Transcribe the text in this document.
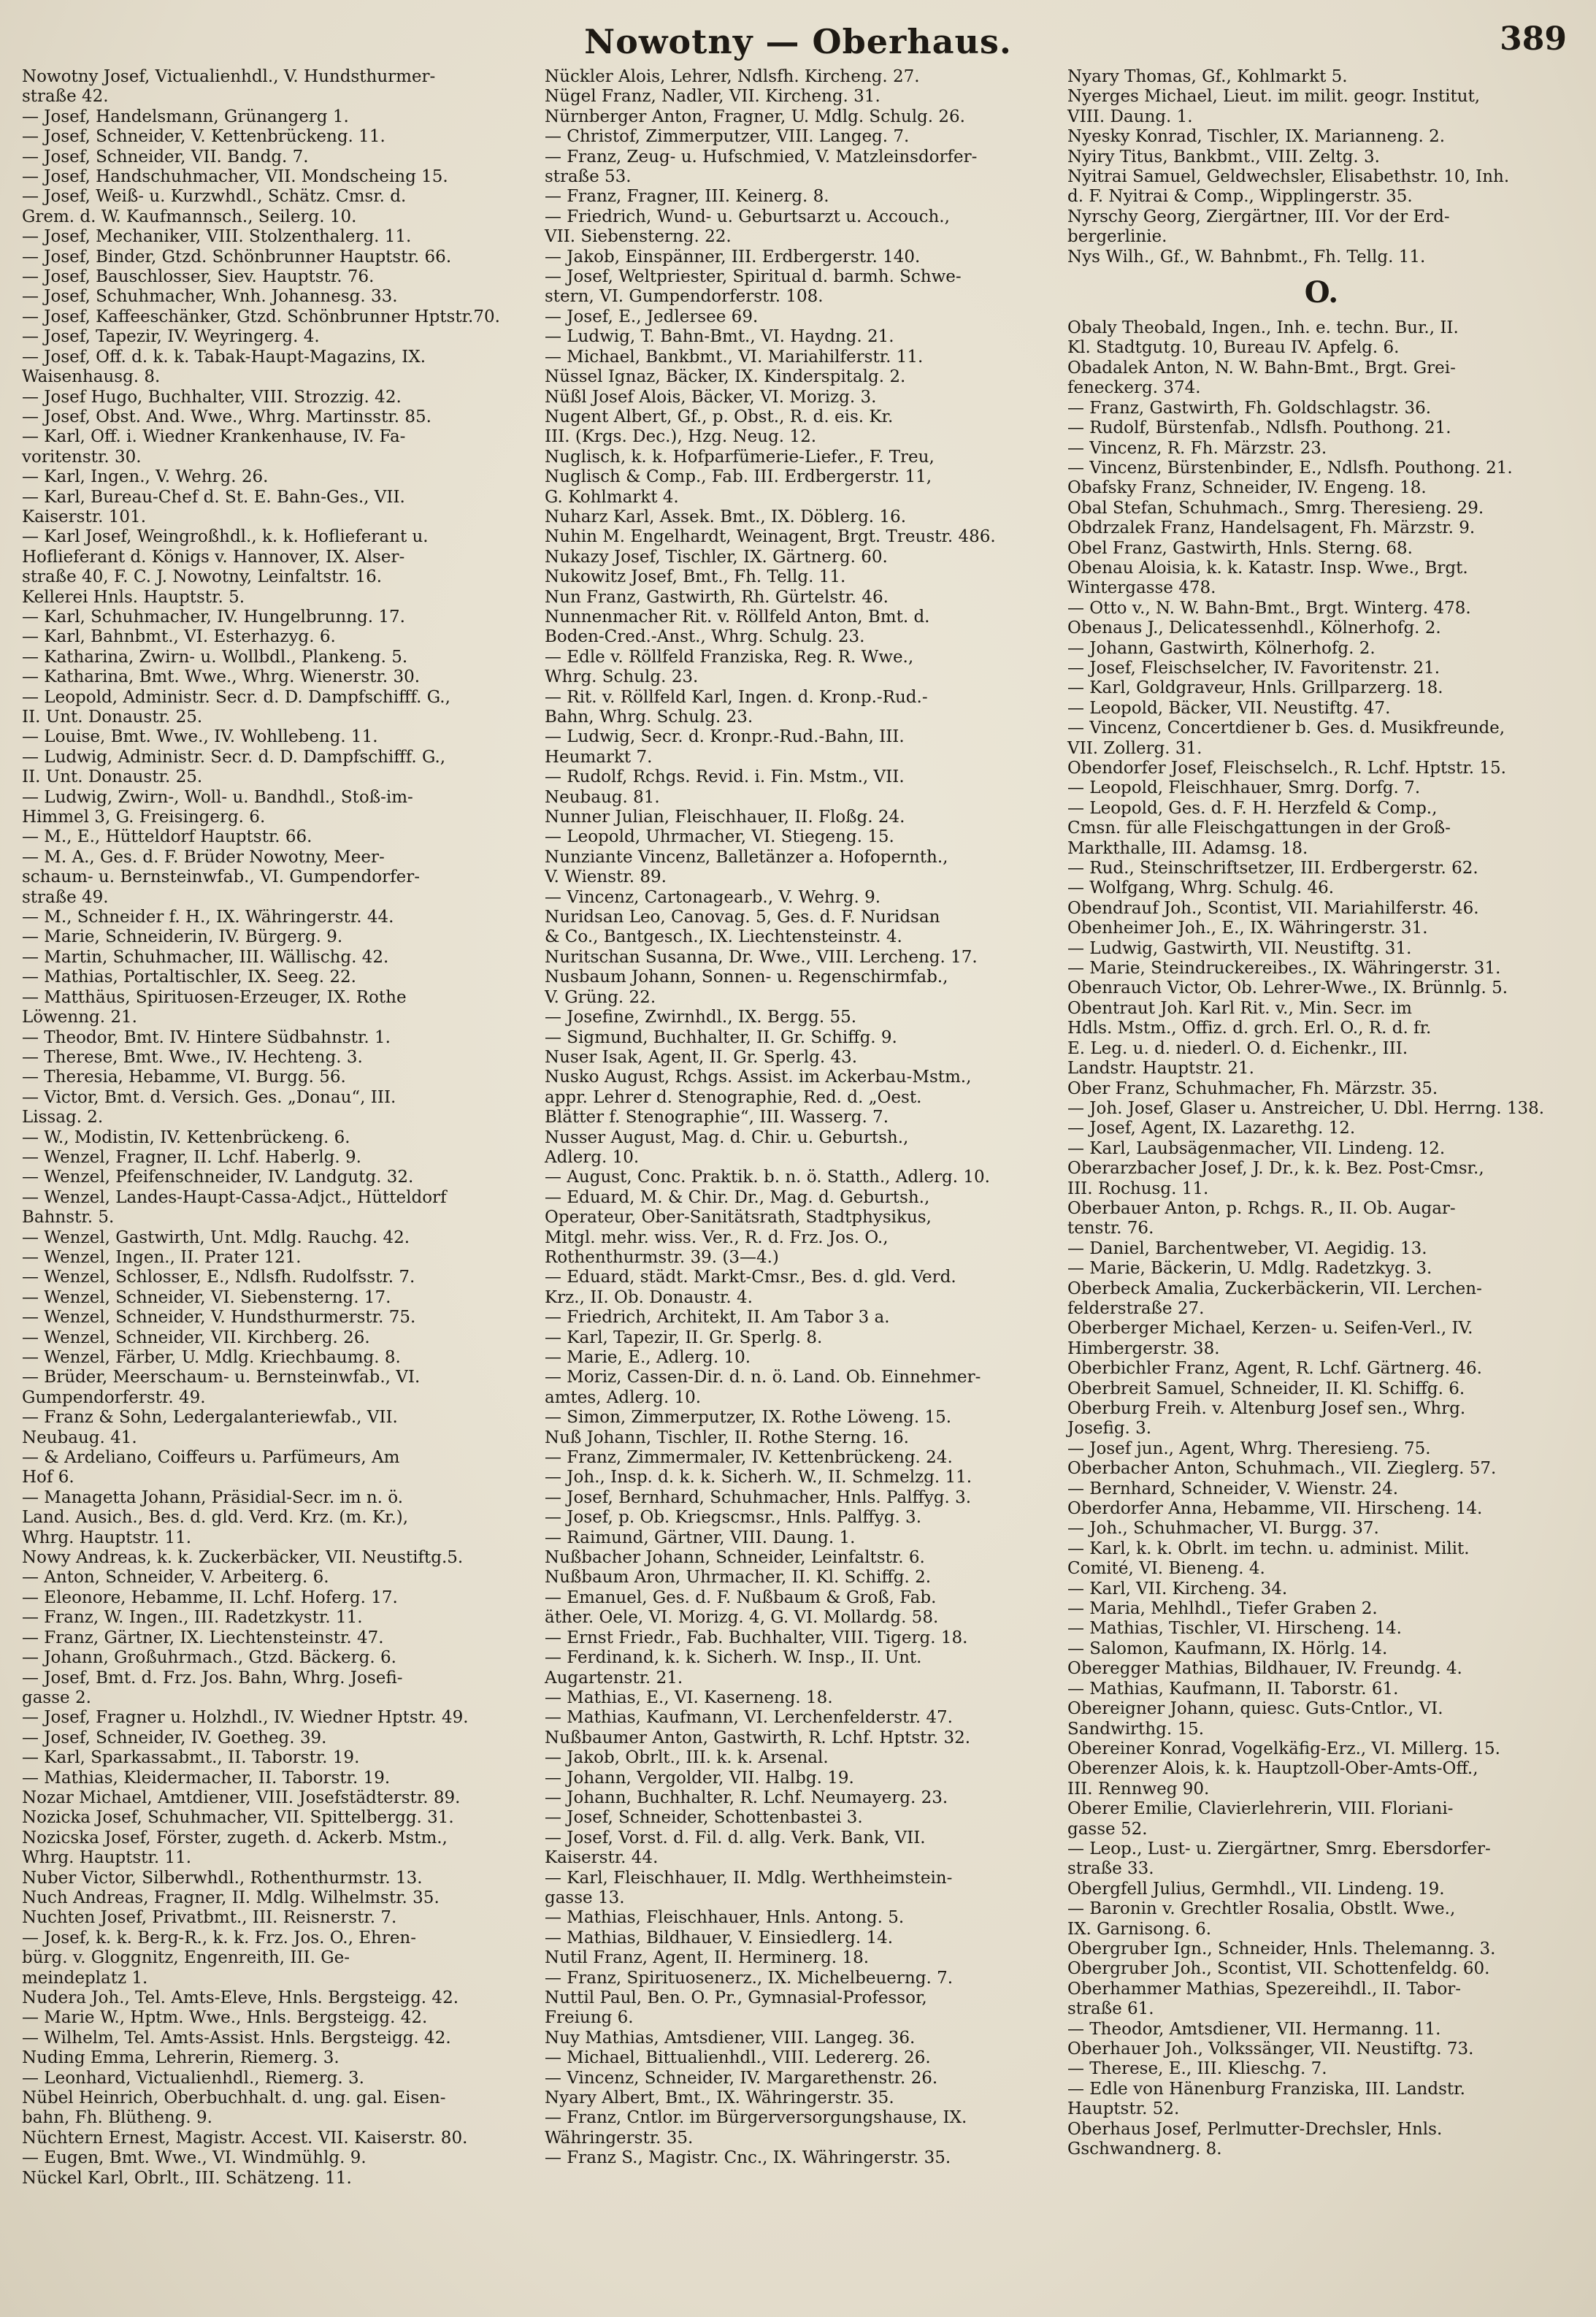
Nowotny — Oberhaus.	389
Nowotny Josef, Victualienhdl., V. Hundsthurmer-
straße 42.
— Josef, Handelsmann, Grünangerg 1.
— Josef, Schneider, V. Kettenbrückeng. 11.
— Josef, Schneider, VII. Bandg. 7.
— Josef, Handschuhmacher, VII. Mondscheing 15.
— Josef, Weiß- u. Kurzwhdl., Schätz. Cmsr. d.
Grem. d. W. Kaufmannsch., Seilerg. 10.
— Josef, Mechaniker, VIII. Stolzenthalerg. 11.
— Josef, Binder, Gtzd. Schönbrunner Hauptstr. 66.
— Josef, Bauschlosser, Siev. Hauptstr. 76.
— Josef, Schuhmacher, Wnh. Johannesg. 33.
— Josef, Kaffeeschänker, Gtzd. Schönbrunner Hptstr.70.
— Josef, Tapezir, IV. Weyringerg. 4.
— Josef, Off. d. k. k. Tabak-Haupt-Magazins, IX.
Waisenhausg. 8.
— Josef Hugo, Buchhalter, VIII. Strozzig. 42.
— Josef, Obst. And. Wwe., Whrg. Martinsstr. 85.
— Karl, Off. i. Wiedner Krankenhause, IV. Fa-
voritenstr. 30.
— Karl, Ingen., V. Wehrg. 26.
— Karl, Bureau-Chef d. St. E. Bahn-Ges., VII.
Kaiserstr. 101.
— Karl Josef, Weingroßhdl., k. k. Hoflieferant u.
Hoflieferant d. Königs v. Hannover, IX. Alser-
straße 40, F. C. J. Nowotny, Leinfaltstr. 16.
Kellerei Hnls. Hauptstr. 5.
— Karl, Schuhmacher, IV. Hungelbrunng. 17.
— Karl, Bahnbmt., VI. Esterhazyg. 6.
— Katharina, Zwirn- u. Wollbdl., Plankeng. 5.
— Katharina, Bmt. Wwe., Whrg. Wienerstr. 30.
— Leopold, Administr. Secr. d. D. Dampfschifff. G.,
II. Unt. Donaustr. 25.
— Louise, Bmt. Wwe., IV. Wohllebeng. 11.
— Ludwig, Administr. Secr. d. D. Dampfschifff. G.,
II. Unt. Donaustr. 25.
— Ludwig, Zwirn-, Woll- u. Bandhdl., Stoß-im-
Himmel 3, G. Freisingerg. 6.
— M., E., Hütteldorf Hauptstr. 66.
— M. A., Ges. d. F. Brüder Nowotny, Meer-
schaum- u. Bernsteinwfab., VI. Gumpendorfer-
straße 49.
— M., Schneider f. H., IX. Währingerstr. 44.
— Marie, Schneiderin, IV. Bürgerg. 9.
— Martin, Schuhmacher, III. Wällischg. 42.
— Mathias, Portaltischler, IX. Seeg. 22.
— Matthäus, Spirituosen-Erzeuger, IX. Rothe
Löwenng. 21.
— Theodor, Bmt. IV. Hintere Südbahnstr. 1.
— Therese, Bmt. Wwe., IV. Hechteng. 3.
— Theresia, Hebamme, VI. Burgg. 56.
— Victor, Bmt. d. Versich. Ges. „Donau“, III.
Lissag. 2.
— W., Modistin, IV. Kettenbrückeng. 6.
— Wenzel, Fragner, II. Lchf. Haberlg. 9.
— Wenzel, Pfeifenschneider, IV. Landgutg. 32.
— Wenzel, Landes-Haupt-Cassa-Adjct., Hütteldorf
Bahnstr. 5.
— Wenzel, Gastwirth, Unt. Mdlg. Rauchg. 42.
— Wenzel, Ingen., II. Prater 121.
— Wenzel, Schlosser, E., Ndlsfh. Rudolfsstr. 7.
— Wenzel, Schneider, VI. Siebensterng. 17.
— Wenzel, Schneider, V. Hundsthurmerstr. 75.
— Wenzel, Schneider, VII. Kirchberg. 26.
— Wenzel, Färber, U. Mdlg. Kriechbaumg. 8.
— Brüder, Meerschaum- u. Bernsteinwfab., VI.
Gumpendorferstr. 49.
— Franz & Sohn, Ledergalanteriewfab., VII.
Neubaug. 41.
— & Ardeliano, Coiffeurs u. Parfümeurs, Am
Hof 6.
— Managetta Johann, Präsidial-Secr. im n. ö.
Land. Ausich., Bes. d. gld. Verd. Krz. (m. Kr.),
Whrg. Hauptstr. 11.
Nowy Andreas, k. k. Zuckerbäcker, VII. Neustiftg.5.
— Anton, Schneider, V. Arbeiterg. 6.
— Eleonore, Hebamme, II. Lchf. Hoferg. 17.
— Franz, W. Ingen., III. Radetzkystr. 11.
— Franz, Gärtner, IX. Liechtensteinstr. 47.
— Johann, Großuhrmach., Gtzd. Bäckerg. 6.
— Josef, Bmt. d. Frz. Jos. Bahn, Whrg. Josefi-
gasse 2.
— Josef, Fragner u. Holzhdl., IV. Wiedner Hptstr. 49.
— Josef, Schneider, IV. Goetheg. 39.
— Karl, Sparkassabmt., II. Taborstr. 19.
— Mathias, Kleidermacher, II. Taborstr. 19.
Nozar Michael, Amtdiener, VIII. Josefstädterstr. 89.
Nozicka Josef, Schuhmacher, VII. Spittelbergg. 31.
Nozicska Josef, Förster, zugeth. d. Ackerb. Mstm.,
Whrg. Hauptstr. 11.
Nuber Victor, Silberwhdl., Rothenthurmstr. 13.
Nuch Andreas, Fragner, II. Mdlg. Wilhelmstr. 35.
Nuchten Josef, Privatbmt., III. Reisnerstr. 7.
— Josef, k. k. Berg-R., k. k. Frz. Jos. O., Ehren-
bürg. v. Gloggnitz, Engenreith, III. Ge-
meindeplatz 1.
Nudera Joh., Tel. Amts-Eleve, Hnls. Bergsteigg. 42.
— Marie W., Hptm. Wwe., Hnls. Bergsteigg. 42.
— Wilhelm, Tel. Amts-Assist. Hnls. Bergsteigg. 42.
Nuding Emma, Lehrerin, Riemerg. 3.
— Leonhard, Victualienhdl., Riemerg. 3.
Nübel Heinrich, Oberbuchhalt. d. ung. gal. Eisen-
bahn, Fh. Blütheng. 9.
Nüchtern Ernest, Magistr. Accest. VII. Kaiserstr. 80.
— Eugen, Bmt. Wwe., VI. Windmühlg. 9.
Nückel Karl, Obrlt., III. Schätzeng. 11.
Nückler Alois, Lehrer, Ndlsfh. Kircheng. 27.
Nügel Franz, Nadler, VII. Kircheng. 31.
Nürnberger Anton, Fragner, U. Mdlg. Schulg. 26.
— Christof, Zimmerputzer, VIII. Langeg. 7.
— Franz, Zeug- u. Hufschmied, V. Matzleinsdorfer-
straße 53.
— Franz, Fragner, III. Keinerg. 8.
— Friedrich, Wund- u. Geburtsarzt u. Accouch.,
VII. Siebensterng. 22.
— Jakob, Einspänner, III. Erdbergerstr. 140.
— Josef, Weltpriester, Spiritual d. barmh. Schwe-
stern, VI. Gumpendorferstr. 108.
— Josef, E., Jedlersee 69.
— Ludwig, T. Bahn-Bmt., VI. Haydng. 21.
— Michael, Bankbmt., VI. Mariahilferstr. 11.
Nüssel Ignaz, Bäcker, IX. Kinderspitalg. 2.
Nüßl Josef Alois, Bäcker, VI. Morizg. 3.
Nugent Albert, Gf., p. Obst., R. d. eis. Kr.
III. (Krgs. Dec.), Hzg. Neug. 12.
Nuglisch, k. k. Hofparfümerie-Liefer., F. Treu,
Nuglisch & Comp., Fab. III. Erdbergerstr. 11,
G. Kohlmarkt 4.
Nuharz Karl, Assek. Bmt., IX. Döblerg. 16.
Nuhin M. Engelhardt, Weinagent, Brgt. Treustr. 486.
Nukazy Josef, Tischler, IX. Gärtnerg. 60.
Nukowitz Josef, Bmt., Fh. Tellg. 11.
Nun Franz, Gastwirth, Rh. Gürtelstr. 46.
Nunnenmacher Rit. v. Röllfeld Anton, Bmt. d.
Boden-Cred.-Anst., Whrg. Schulg. 23.
— Edle v. Röllfeld Franziska, Reg. R. Wwe.,
Whrg. Schulg. 23.
— Rit. v. Röllfeld Karl, Ingen. d. Kronp.-Rud.-
Bahn, Whrg. Schulg. 23.
— Ludwig, Secr. d. Kronpr.-Rud.-Bahn, III.
Heumarkt 7.
— Rudolf, Rchgs. Revid. i. Fin. Mstm., VII.
Neubaug. 81.
Nunner Julian, Fleischhauer, II. Floßg. 24.
— Leopold, Uhrmacher, VI. Stiegeng. 15.
Nunziante Vincenz, Balletänzer a. Hofopernth.,
V. Wienstr. 89.
— Vincenz, Cartonagearb., V. Wehrg. 9.
Nuridsan Leo, Canovag. 5, Ges. d. F. Nuridsan
& Co., Bantgesch., IX. Liechtensteinstr. 4.
Nuritschan Susanna, Dr. Wwe., VIII. Lercheng. 17.
Nusbaum Johann, Sonnen- u. Regenschirmfab.,
V. Grüng. 22.
— Josefine, Zwirnhdl., IX. Bergg. 55.
— Sigmund, Buchhalter, II. Gr. Schiffg. 9.
Nuser Isak, Agent, II. Gr. Sperlg. 43.
Nusko August, Rchgs. Assist. im Ackerbau-Mstm.,
appr. Lehrer d. Stenographie, Red. d. „Oest.
Blätter f. Stenographie“, III. Wasserg. 7.
Nusser August, Mag. d. Chir. u. Geburtsh.,
Adlerg. 10.
— August, Conc. Praktik. b. n. ö. Statth., Adlerg. 10.
— Eduard, M. & Chir. Dr., Mag. d. Geburtsh.,
Operateur, Ober-Sanitätsrath, Stadtphysikus,
Mitgl. mehr. wiss. Ver., R. d. Frz. Jos. O.,
Rothenthurmstr. 39. (3—4.)
— Eduard, städt. Markt-Cmsr., Bes. d. gld. Verd.
Krz., II. Ob. Donaustr. 4.
— Friedrich, Architekt, II. Am Tabor 3 a.
— Karl, Tapezir, II. Gr. Sperlg. 8.
— Marie, E., Adlerg. 10.
— Moriz, Cassen-Dir. d. n. ö. Land. Ob. Einnehmer-
amtes, Adlerg. 10.
— Simon, Zimmerputzer, IX. Rothe Löweng. 15.
Nuß Johann, Tischler, II. Rothe Sterng. 16.
— Franz, Zimmermaler, IV. Kettenbrückeng. 24.
— Joh., Insp. d. k. k. Sicherh. W., II. Schmelzg. 11.
— Josef, Bernhard, Schuhmacher, Hnls. Palffyg. 3.
— Josef, p. Ob. Kriegscmsr., Hnls. Palffyg. 3.
— Raimund, Gärtner, VIII. Daung. 1.
Nußbacher Johann, Schneider, Leinfaltstr. 6.
Nußbaum Aron, Uhrmacher, II. Kl. Schiffg. 2.
— Emanuel, Ges. d. F. Nußbaum & Groß, Fab.
äther. Oele, VI. Morizg. 4, G. VI. Mollardg. 58.
— Ernst Friedr., Fab. Buchhalter, VIII. Tigerg. 18.
— Ferdinand, k. k. Sicherh. W. Insp., II. Unt.
Augartenstr. 21.
— Mathias, E., VI. Kaserneng. 18.
— Mathias, Kaufmann, VI. Lerchenfelderstr. 47.
Nußbaumer Anton, Gastwirth, R. Lchf. Hptstr. 32.
— Jakob, Obrlt., III. k. k. Arsenal.
— Johann, Vergolder, VII. Halbg. 19.
— Johann, Buchhalter, R. Lchf. Neumayerg. 23.
— Josef, Schneider, Schottenbastei 3.
— Josef, Vorst. d. Fil. d. allg. Verk. Bank, VII.
Kaiserstr. 44.
— Karl, Fleischhauer, II. Mdlg. Werthheimstein-
gasse 13.
— Mathias, Fleischhauer, Hnls. Antong. 5.
— Mathias, Bildhauer, V. Einsiedlerg. 14.
Nutil Franz, Agent, II. Herminerg. 18.
— Franz, Spirituosenerz., IX. Michelbeuerng. 7.
Nuttil Paul, Ben. O. Pr., Gymnasial-Professor,
Freiung 6.
Nuy Mathias, Amtsdiener, VIII. Langeg. 36.
— Michael, Bittualienhdl., VIII. Ledererg. 26.
— Vincenz, Schneider, IV. Margarethenstr. 26.
Nyary Albert, Bmt., IX. Währingerstr. 35.
— Franz, Cntlor. im Bürgerversorgungshause, IX.
Währingerstr. 35.
— Franz S., Magistr. Cnc., IX. Währingerstr. 35.
Nyary Thomas, Gf., Kohlmarkt 5.
Nyerges Michael, Lieut. im milit. geogr. Institut,
VIII. Daung. 1.
Nyesky Konrad, Tischler, IX. Marianneng. 2.
Nyiry Titus, Bankbmt., VIII. Zeltg. 3.
Nyitrai Samuel, Geldwechsler, Elisabethstr. 10, Inh.
d. F. Nyitrai & Comp., Wipplingerstr. 35.
Nyrschy Georg, Ziergärtner, III. Vor der Erd-
bergerlinie.
Nys Wilh., Gf., W. Bahnbmt., Fh. Tellg. 11.
O.
Obaly Theobald, Ingen., Inh. e. techn. Bur., II.
Kl. Stadtgutg. 10, Bureau IV. Apfelg. 6.
Obadalek Anton, N. W. Bahn-Bmt., Brgt. Grei-
feneckerg. 374.
— Franz, Gastwirth, Fh. Goldschlagstr. 36.
— Rudolf, Bürstenfab., Ndlsfh. Pouthong. 21.
— Vincenz, R. Fh. Märzstr. 23.
— Vincenz, Bürstenbinder, E., Ndlsfh. Pouthong. 21.
Obafsky Franz, Schneider, IV. Engeng. 18.
Obal Stefan, Schuhmach., Smrg. Theresieng. 29.
Obdrzalek Franz, Handelsagent, Fh. Märzstr. 9.
Obel Franz, Gastwirth, Hnls. Sterng. 68.
Obenau Aloisia, k. k. Katastr. Insp. Wwe., Brgt.
Wintergasse 478.
— Otto v., N. W. Bahn-Bmt., Brgt. Winterg. 478.
Obenaus J., Delicatessenhdl., Kölnerhofg. 2.
— Johann, Gastwirth, Kölnerhofg. 2.
— Josef, Fleischselcher, IV. Favoritenstr. 21.
— Karl, Goldgraveur, Hnls. Grillparzerg. 18.
— Leopold, Bäcker, VII. Neustiftg. 47.
— Vincenz, Concertdiener b. Ges. d. Musikfreunde,
VII. Zollerg. 31.
Obendorfer Josef, Fleischselch., R. Lchf. Hptstr. 15.
— Leopold, Fleischhauer, Smrg. Dorfg. 7.
— Leopold, Ges. d. F. H. Herzfeld & Comp.,
Cmsn. für alle Fleischgattungen in der Groß-
Markthalle, III. Adamsg. 18.
— Rud., Steinschriftsetzer, III. Erdbergerstr. 62.
— Wolfgang, Whrg. Schulg. 46.
Obendrauf Joh., Scontist, VII. Mariahilferstr. 46.
Obenheimer Joh., E., IX. Währingerstr. 31.
— Ludwig, Gastwirth, VII. Neustiftg. 31.
— Marie, Steindruckereibes., IX. Währingerstr. 31.
Obenrauch Victor, Ob. Lehrer-Wwe., IX. Brünnlg. 5.
Obentraut Joh. Karl Rit. v., Min. Secr. im
Hdls. Mstm., Offiz. d. grch. Erl. O., R. d. fr.
E. Leg. u. d. niederl. O. d. Eichenkr., III.
Landstr. Hauptstr. 21.
Ober Franz, Schuhmacher, Fh. Märzstr. 35.
— Joh. Josef, Glaser u. Anstreicher, U. Dbl. Herrng. 138.
— Josef, Agent, IX. Lazarethg. 12.
— Karl, Laubsägenmacher, VII. Lindeng. 12.
Oberarzbacher Josef, J. Dr., k. k. Bez. Post-Cmsr.,
III. Rochusg. 11.
Oberbauer Anton, p. Rchgs. R., II. Ob. Augar-
tenstr. 76.
— Daniel, Barchentweber, VI. Aegidig. 13.
— Marie, Bäckerin, U. Mdlg. Radetzkyg. 3.
Oberbeck Amalia, Zuckerbäckerin, VII. Lerchen-
felderstraße 27.
Oberberger Michael, Kerzen- u. Seifen-Verl., IV.
Himbergerstr. 38.
Oberbichler Franz, Agent, R. Lchf. Gärtnerg. 46.
Oberbreit Samuel, Schneider, II. Kl. Schiffg. 6.
Oberburg Freih. v. Altenburg Josef sen., Whrg.
Josefig. 3.
— Josef jun., Agent, Whrg. Theresieng. 75.
Oberbacher Anton, Schuhmach., VII. Zieglerg. 57.
— Bernhard, Schneider, V. Wienstr. 24.
Oberdorfer Anna, Hebamme, VII. Hirscheng. 14.
— Joh., Schuhmacher, VI. Burgg. 37.
— Karl, k. k. Obrlt. im techn. u. administ. Milit.
Comité, VI. Bieneng. 4.
— Karl, VII. Kircheng. 34.
— Maria, Mehlhdl., Tiefer Graben 2.
— Mathias, Tischler, VI. Hirscheng. 14.
— Salomon, Kaufmann, IX. Hörlg. 14.
Oberegger Mathias, Bildhauer, IV. Freundg. 4.
— Mathias, Kaufmann, II. Taborstr. 61.
Obereigner Johann, quiesc. Guts-Cntlor., VI.
Sandwirthg. 15.
Obereiner Konrad, Vogelkäfig-Erz., VI. Millerg. 15.
Oberenzer Alois, k. k. Hauptzoll-Ober-Amts-Off.,
III. Rennweg 90.
Oberer Emilie, Clavierlehrerin, VIII. Floriani-
gasse 52.
— Leop., Lust- u. Ziergärtner, Smrg. Ebersdorfer-
straße 33.
Obergfell Julius, Germhdl., VII. Lindeng. 19.
— Baronin v. Grechtler Rosalia, Obstlt. Wwe.,
IX. Garnisong. 6.
Obergruber Ign., Schneider, Hnls. Thelemanng. 3.
Obergruber Joh., Scontist, VII. Schottenfeldg. 60.
Oberhammer Mathias, Spezereihdl., II. Tabor-
straße 61.
— Theodor, Amtsdiener, VII. Hermanng. 11.
Oberhauer Joh., Volkssänger, VII. Neustiftg. 73.
— Therese, E., III. Klieschg. 7.
— Edle von Hänenburg Franziska, III. Landstr.
Hauptstr. 52.
Oberhaus Josef, Perlmutter-Drechsler, Hnls.
Gschwandnerg. 8.
